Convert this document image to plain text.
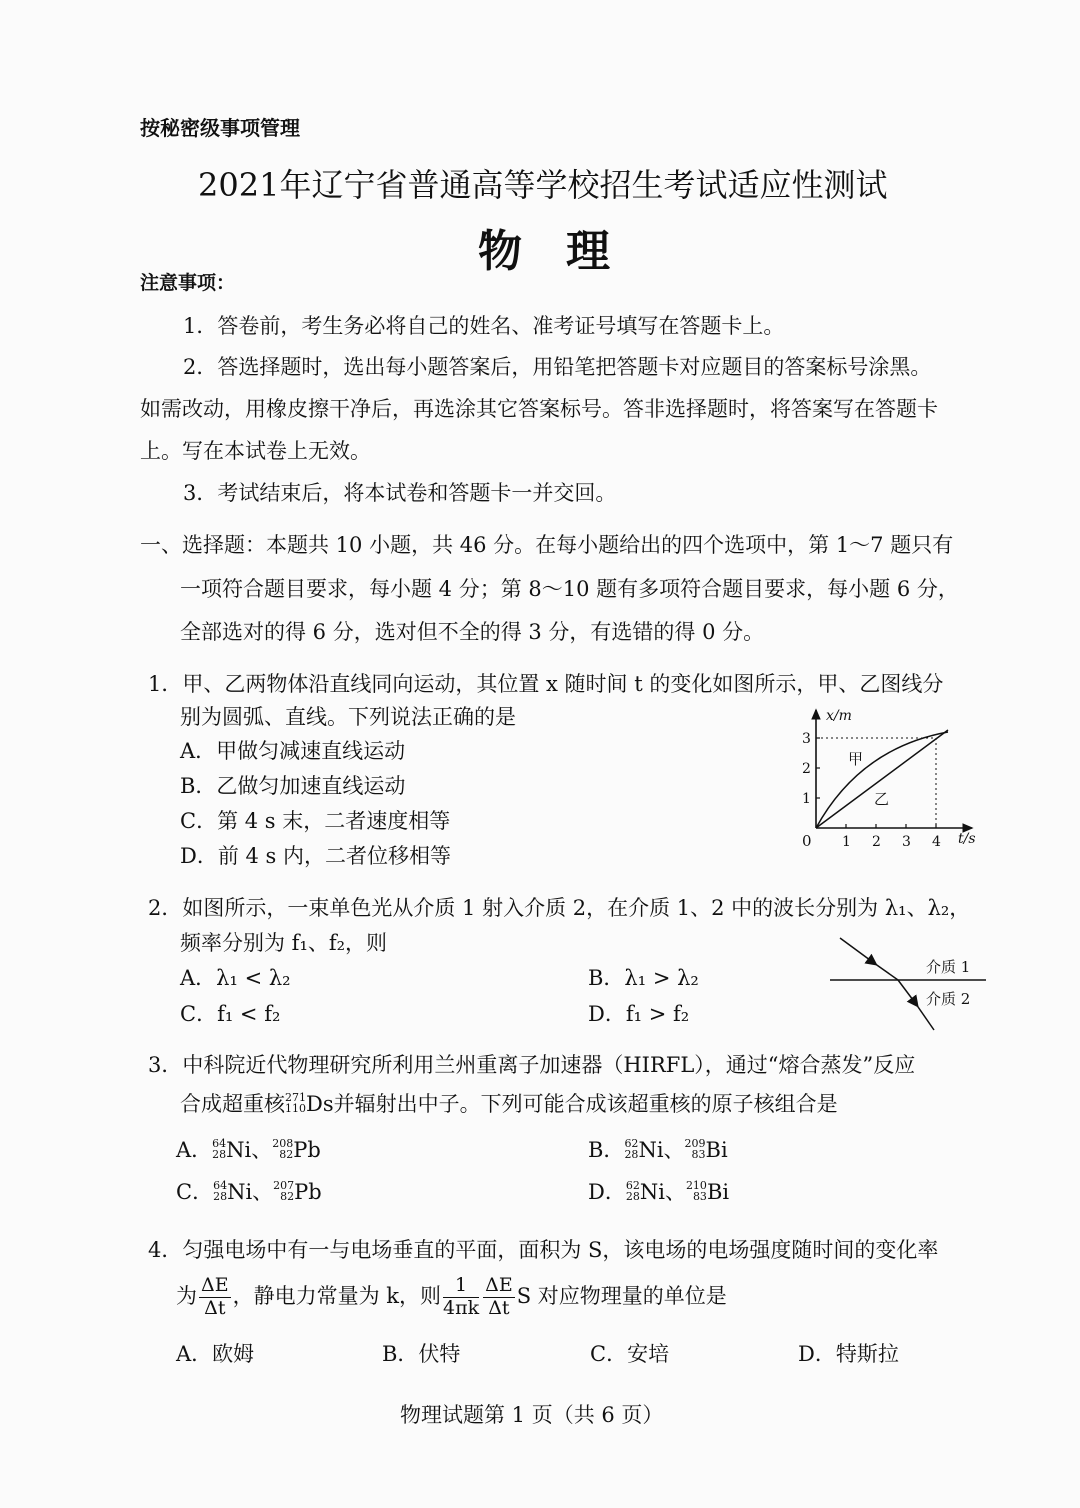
按秘密级事项管理
2021年辽宁省普通高等学校招生考试适应性测试
物　理
注意事项：
1．答卷前，考生务必将自己的姓名、准考证号填写在答题卡上。
2．答选择题时，选出每小题答案后，用铅笔把答题卡对应题目的答案标号涂黑。
如需改动，用橡皮擦干净后，再选涂其它答案标号。答非选择题时，将答案写在答题卡
上。写在本试卷上无效。
3．考试结束后，将本试卷和答题卡一并交回。
一、选择题：本题共 10 小题，共 46 分。在每小题给出的四个选项中，第 1～7 题只有
一项符合题目要求，每小题 4 分；第 8～10 题有多项符合题目要求，每小题 6 分，
全部选对的得 6 分，选对但不全的得 3 分，有选错的得 0 分。
1．甲、乙两物体沿直线同向运动，其位置 x 随时间 t 的变化如图所示，甲、乙图线分
别为圆弧、直线。下列说法正确的是
A．甲做匀减速直线运动
B．乙做匀加速直线运动
C．第 4 s 末，二者速度相等
D．前 4 s 内，二者位移相等
x/m
t/s
0 1 2 3 4
1
2
3
甲
乙
2．如图所示，一束单色光从介质 1 射入介质 2，在介质 1、2 中的波长分别为 λ₁、λ₂，
频率分别为 f₁、f₂，则
A．λ₁ < λ₂	B．λ₁ > λ₂
C．f₁ < f₂	D．f₁ > f₂
介质 1
介质 2
3．中科院近代物理研究所利用兰州重离子加速器（HIRFL），通过“熔合蒸发”反应
合成超重核 271
110 Ds并辐射出中子。下列可能合成该超重核的原子核组合是
A． 64
28 Ni、 208
82 Pb	B． 62
28 Ni、 209
83 Bi
C． 64
28 Ni、 207
82 Pb	D． 62
28 Ni、 210
83 Bi
4．匀强电场中有一与电场垂直的平面，面积为 S，该电场的电场强度随时间的变化率
为 $\frac{\Delta E}{\Delta t}$ ，静电力常量为 k，则 $\frac{1}{4\pi k} \frac{\Delta E}{\Delta t}$ S 对应物理量的单位是
A．欧姆	B．伏特	C．安培	D．特斯拉
物理试题第 1 页（共 6 页）
